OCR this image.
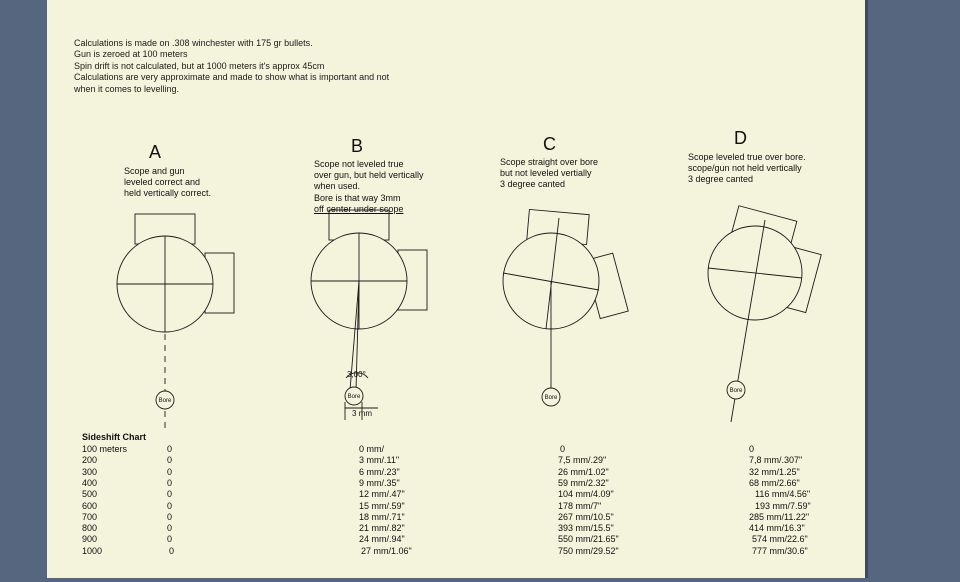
Calculations is made on .308 winchester with 175 gr bullets.
Gun is zeroed at 100 meters
Spin drift is not calculated, but at 1000 meters it's approx 45cm
Calculations are very approximate and made to show what is important and not
when it comes to levelling.
A	B	C	D
Scope and gun
leveled correct and
held vertically correct.
Scope not leveled true
over gun, but held vertically
when used.
Bore is that way 3mm
off center under scope
Scope straight over bore
but not leveled vertially
3 degree canted
Scope leveled true over bore.
scope/gun not held vertically
3 degree canted
Bore
Bore	Bore
Bore
3,00°
3 mm
Sideshift Chart
100 meters	0	0 mm/	0	0
200	0	3 mm/.11"	7,5 mm/.29"	7,8 mm/.307"
300	0	6 mm/.23"	26 mm/1.02"	32 mm/1.25"
400	0	9 mm/.35"	59 mm/2.32"	68 mm/2.66"
500	0	12 mm/.47"	104 mm/4.09"	116 mm/4.56"
600	0	15 mm/.59"	178 mm/7"	193 mm/7.59"
700	0	18 mm/.71"	267 mm/10.5"	285 mm/11.22"
800	0	21 mm/.82"	393 mm/15.5"	414 mm/16.3"
900	0	24 mm/.94"	550 mm/21.65"	574 mm/22.6"
1000	0	27 mm/1.06"	750 mm/29.52"	777 mm/30.6"
